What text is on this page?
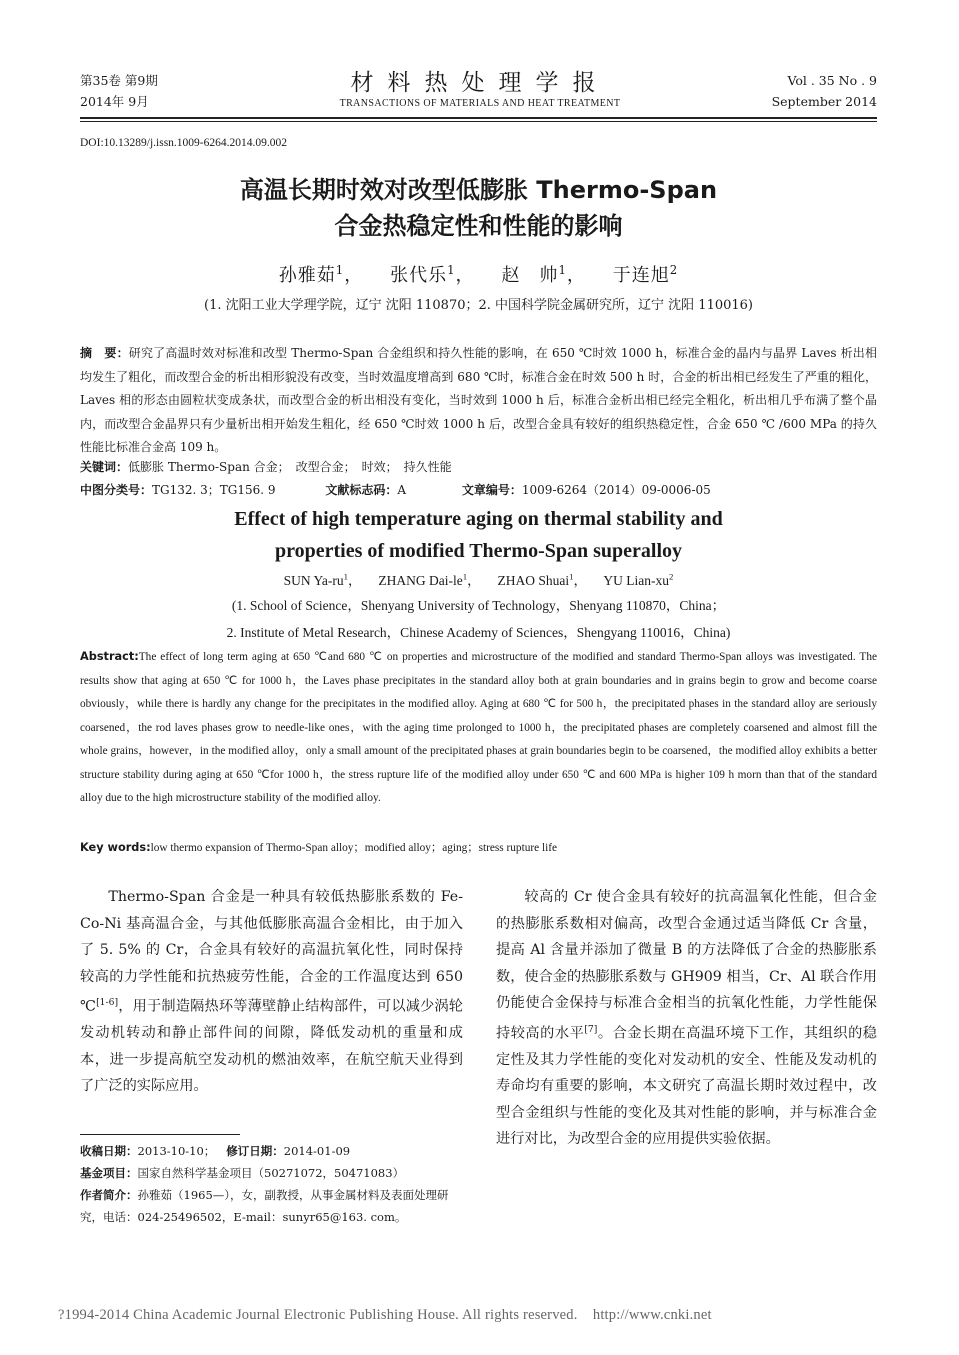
第35卷 第9期
2014年 9月
材料热处理学报
TRANSACTIONS OF MATERIALS AND HEAT TREATMENT
Vol . 35 No . 9
September 2014
DOI:10.13289/j.issn.1009-6264.2014.09.002
高温长期时效对改型低膨胀 Thermo-Span
合金热稳定性和性能的影响
孙雅茹$^1$， 张代乐$^1$， 赵　帅$^1$， 于连旭$^2$
(1. 沈阳工业大学理学院，辽宁 沈阳 110870；2. 中国科学院金属研究所，辽宁 沈阳 110016)
摘　要：研究了高温时效对标准和改型 Thermo-Span 合金组织和持久性能的影响，在 650 ℃时效 1000 h，标准合金的晶内与晶界 Laves 析出相均发生了粗化，而改型合金的析出相形貌没有改变，当时效温度增高到 680 ℃时，标准合金在时效 500 h 时，合金的析出相已经发生了严重的粗化，Laves 相的形态由圆粒状变成条状，而改型合金的析出相没有变化，当时效到 1000 h 后，标准合金析出相已经完全粗化，析出相几乎布满了整个晶内，而改型合金晶界只有少量析出相开始发生粗化，经 650 ℃时效 1000 h 后，改型合金具有较好的组织热稳定性，合金 650 ℃ /600 MPa 的持久性能比标准合金高 109 h。
关键词：低膨胀 Thermo-Span 合金；　改型合金；　时效；　持久性能
中图分类号：TG132. 3；TG156. 9	文献标志码：A	文章编号：1009-6264（2014）09-0006-05
Effect of high temperature aging on thermal stability and
properties of modified Thermo-Span superalloy
SUN $Ya-ru^1$， ZHANG Dai-$le^1$， ZHAO Shuai$^1$， YU Lian-$xu^2$
(1. School of Science，Shenyang University of Technology，Shenyang 110870，China；
2. Institute of Metal Research，Chinese Academy of Sciences，Shengyang 110016，China)
Abstract:The effect of long term aging at 650 ℃and 680 ℃ on properties and microstructure of the modified and standard Thermo-Span alloys was investigated. The results show that aging at 650 ℃ for 1000 h，the Laves phase precipitates in the standard alloy both at grain boundaries and in grains begin to grow and become coarse obviously，while there is hardly any change for the precipitates in the modified alloy. Aging at 680 ℃ for 500 h，the precipitated phases in the standard alloy are seriously coarsened，the rod laves phases grow to needle-like ones，with the aging time prolonged to 1000 h，the precipitated phases are completely coarsened and almost fill the whole grains，however，in the modified alloy，only a small amount of the precipitated phases at grain boundaries begin to be coarsened，the modified alloy exhibits a better structure stability during aging at 650 ℃for 1000 h，the stress rupture life of the modified alloy under 650 ℃ and 600 MPa is higher 109 h morn than that of the standard alloy due to the high microstructure stability of the modified alloy.
Key words:low thermo expansion of Thermo-Span alloy；modified alloy；aging；stress rupture life
Thermo-Span 合金是一种具有较低热膨胀系数的 Fe-Co-Ni 基高温合金，与其他低膨胀高温合金相比，由于加入了 5. 5% 的 Cr，合金具有较好的高温抗氧化性，同时保持较高的力学性能和抗热疲劳性能，合金的工作温度达到 650 ℃[1-6]，用于制造隔热环等薄壁静止结构部件，可以减少涡轮发动机转动和静止部件间的间隙，降低发动机的重量和成本，进一步提高航空发动机的燃油效率，在航空航天业得到了广泛的实际应用。
较高的 Cr 使合金具有较好的抗高温氧化性能，但合金的热膨胀系数相对偏高，改型合金通过适当降低 Cr 含量，提高 Al 含量并添加了微量 B 的方法降低了合金的热膨胀系数，使合金的热膨胀系数与 GH909 相当，Cr、Al 联合作用仍能使合金保持与标准合金相当的抗氧化性能，力学性能保持较高的水平[7]。合金长期在高温环境下工作，其组织的稳定性及其力学性能的变化对发动机的安全、性能及发动机的寿命均有重要的影响，本文研究了高温长期时效过程中，改型合金组织与性能的变化及其对性能的影响，并与标准合金进行对比，为改型合金的应用提供实验依据。
收稿日期：2013-10-10； 修订日期：2014-01-09
基金项目：国家自然科学基金项目（50271072，50471083）
作者简介：孙雅茹（1965—），女，副教授，从事金属材料及表面处理研究，电话：024-25496502，E-mail：sunyr65@163. com。
?1994-2014 China Academic Journal Electronic Publishing House. All rights reserved.    http://www.cnki.net
